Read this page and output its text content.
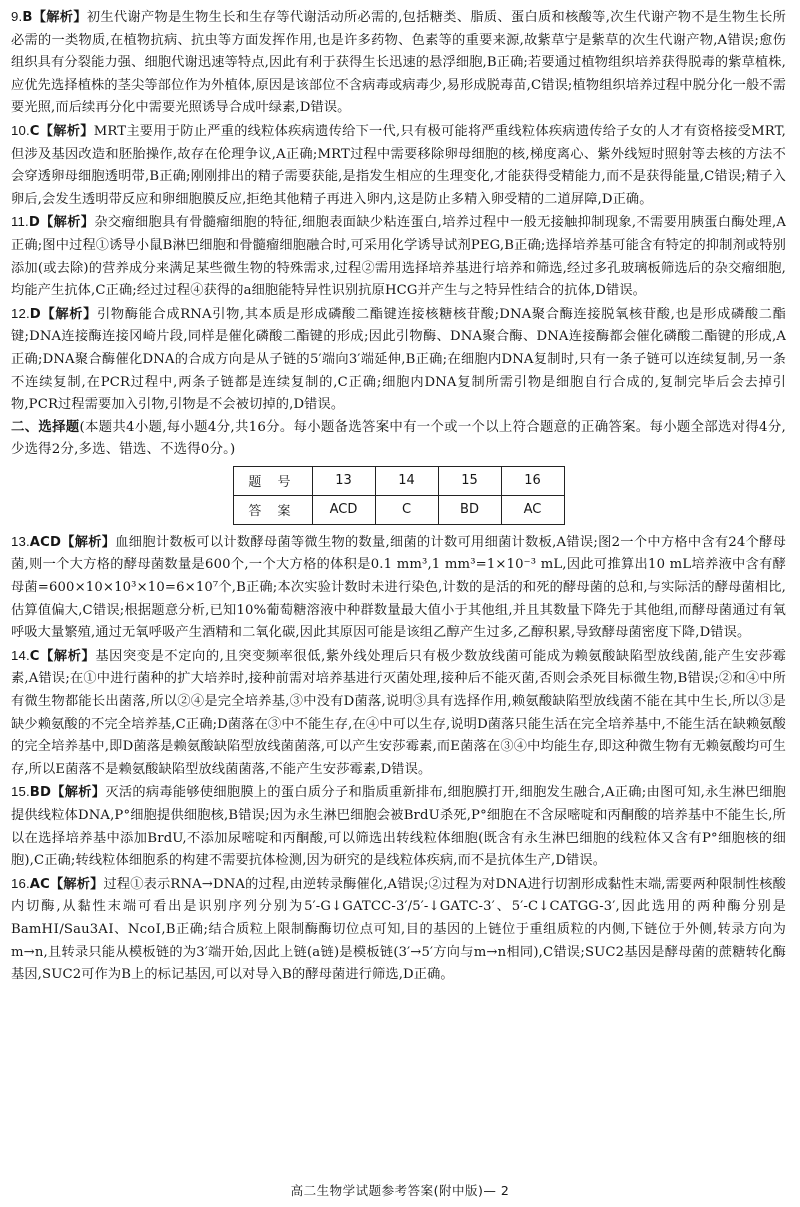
9.B【解析】初生代谢产物是生物生长和生存等代谢活动所必需的,包括糖类、脂质、蛋白质和核酸等,次生代谢产物不是生物生长所必需的一类物质,在植物抗病、抗虫等方面发挥作用,也是许多药物、色素等的重要来源,故紫草宁是紫草的次生代谢产物,A错误;愈伤组织具有分裂能力强、细胞代谢迅速等特点,因此有利于获得生长迅速的悬浮细胞,B正确;若要通过植物组织培养获得脱毒的紫草植株,应优先选择植株的茎尖等部位作为外植体,原因是该部位不含病毒或病毒少,易形成脱毒苗,C错误;植物组织培养过程中脱分化一般不需要光照,而后续再分化中需要光照诱导合成叶绿素,D错误。

10.C【解析】MRT主要用于防止严重的线粒体疾病遗传给下一代,只有极可能将严重线粒体疾病遗传给子女的人才有资格接受MRT,但涉及基因改造和胚胎操作,故存在伦理争议,A正确;MRT过程中需要移除卵母细胞的核,梯度离心、紫外线短时照射等去核的方法不会穿透卵母细胞透明带,B正确;刚刚排出的精子需要获能,是指发生相应的生理变化,才能获得受精能力,而不是获得能量,C错误;精子入卵后,会发生透明带反应和卵细胞膜反应,拒绝其他精子再进入卵内,这是防止多精入卵受精的二道屏障,D正确。

11.D【解析】杂交瘤细胞具有骨髓瘤细胞的特征,细胞表面缺少粘连蛋白,培养过程中一般无接触抑制现象,不需要用胰蛋白酶处理,A正确;图中过程①诱导小鼠B淋巴细胞和骨髓瘤细胞融合时,可采用化学诱导试剂PEG,B正确;选择培养基可能含有特定的抑制剂或特别添加(或去除)的营养成分来满足某些微生物的特殊需求,过程②需用选择培养基进行培养和筛选,经过多孔玻璃板筛选后的杂交瘤细胞,均能产生抗体,C正确;经过过程④获得的a细胞能特异性识别抗原HCG并产生与之特异性结合的抗体,D错误。

12.D【解析】引物酶能合成RNA引物,其本质是形成磷酸二酯键连接核糖核苷酸;DNA聚合酶连接脱氧核苷酸,也是形成磷酸二酯键;DNA连接酶连接冈崎片段,同样是催化磷酸二酯键的形成;因此引物酶、DNA聚合酶、DNA连接酶都会催化磷酸二酯键的形成,A正确;DNA聚合酶催化DNA的合成方向是从子链的5′端向3′端延伸,B正确;在细胞内DNA复制时,只有一条子链可以连续复制,另一条不连续复制,在PCR过程中,两条子链都是连续复制的,C正确;细胞内DNA复制所需引物是细胞自行合成的,复制完毕后会去掉引物,PCR过程需要加入引物,引物是不会被切掉的,D错误。

二、选择题(本题共4小题,每小题4分,共16分。每小题备选答案中有一个或一个以上符合题意的正确答案。每小题全部选对得4分,少选得2分,多选、错选、不选得0分。)

题 号	13	14	15	16
答 案	ACD	C	BD	AC

13.ACD【解析】血细胞计数板可以计数酵母菌等微生物的数量,细菌的计数可用细菌计数板,A错误;图2一个中方格中含有24个酵母菌,则一个大方格的酵母菌数量是600个,一个大方格的体积是0.1 mm³,1 mm³=1×10⁻³ mL,因此可推算出10 mL培养液中含有酵母菌=600×10×10³×10=6×10⁷个,B正确;本次实验计数时未进行染色,计数的是活的和死的酵母菌的总和,与实际活的酵母菌相比,估算值偏大,C错误;根据题意分析,已知10%葡萄糖溶液中种群数量最大值小于其他组,并且其数量下降先于其他组,而酵母菌通过有氧呼吸大量繁殖,通过无氧呼吸产生酒精和二氧化碳,因此其原因可能是该组乙醇产生过多,乙醇积累,导致酵母菌密度下降,D错误。

14.C【解析】基因突变是不定向的,且突变频率很低,紫外线处理后只有极少数放线菌可能成为赖氨酸缺陷型放线菌,能产生安莎霉素,A错误;在①中进行菌种的扩大培养时,接种前需对培养基进行灭菌处理,接种后不能灭菌,否则会杀死目标微生物,B错误;②和④中所有微生物都能长出菌落,所以②④是完全培养基,③中没有D菌落,说明③具有选择作用,赖氨酸缺陷型放线菌不能在其中生长,所以③是缺少赖氨酸的不完全培养基,C正确;D菌落在③中不能生存,在④中可以生存,说明D菌落只能生活在完全培养基中,不能生活在缺赖氨酸的完全培养基中,即D菌落是赖氨酸缺陷型放线菌菌落,可以产生安莎霉素,而E菌落在③④中均能生存,即这种微生物有无赖氨酸均可生存,所以E菌落不是赖氨酸缺陷型放线菌菌落,不能产生安莎霉素,D错误。

15.BD【解析】灭活的病毒能够使细胞膜上的蛋白质分子和脂质重新排布,细胞膜打开,细胞发生融合,A正确;由图可知,永生淋巴细胞提供线粒体DNA,P°细胞提供细胞核,B错误;因为永生淋巴细胞会被BrdU杀死,P°细胞在不含尿嘧啶和丙酮酸的培养基中不能生长,所以在选择培养基中添加BrdU,不添加尿嘧啶和丙酮酸,可以筛选出转线粒体细胞(既含有永生淋巴细胞的线粒体又含有P°细胞核的细胞),C正确;转线粒体细胞系的构建不需要抗体检测,因为研究的是线粒体疾病,而不是抗体生产,D错误。

16.AC【解析】过程①表示RNA→DNA的过程,由逆转录酶催化,A错误;②过程为对DNA进行切割形成黏性末端,需要两种限制性核酸内切酶,从黏性末端可看出是识别序列分别为5′-G↓GATCC-3′/5′-↓GATC-3′、5′-C↓CATGG-3′,因此选用的两种酶分别是BamHⅠ/Sau3AⅠ、NcoⅠ,B正确;结合质粒上限制酶酶切位点可知,目的基因的上链位于重组质粒的内侧,下链位于外侧,转录方向为m→n,且转录只能从模板链的为3′端开始,因此上链(a链)是模板链(3′→5′方向与m→n相同),C错误;SUC2基因是酵母菌的蔗糖转化酶基因,SUC2可作为B上的标记基因,可以对导入B的酵母菌进行筛选,D正确。

高二生物学试题参考答案(附中版)— 2
